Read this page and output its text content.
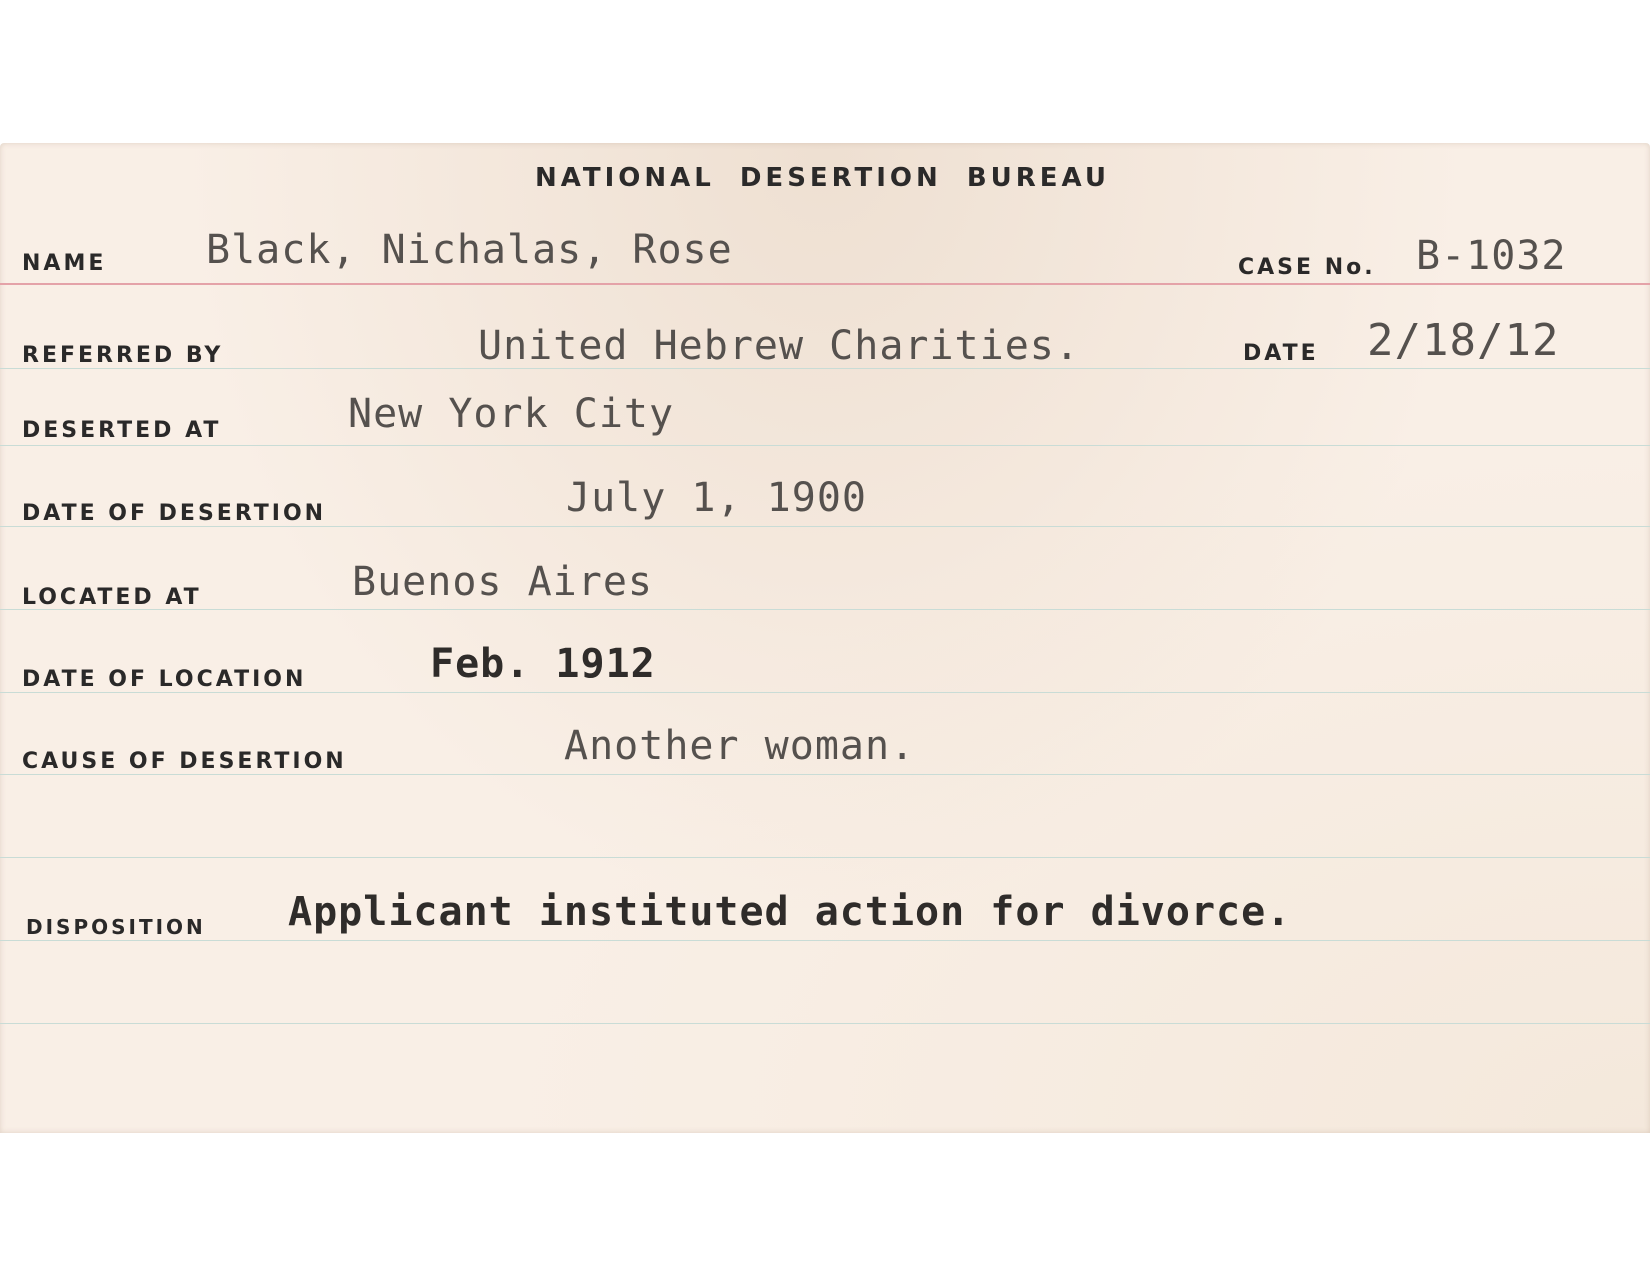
NATIONAL DESERTION BUREAU
NAME Black, Nichalas, Rose	CASE No. B-1032
REFERRED BY	United Hebrew Charities.	DATE 2/18/12
DESERTED AT	New York City
DATE OF DESERTION	July 1, 1900
LOCATED AT	Buenos Aires
DATE OF LOCATION	Feb. 1912
CAUSE OF DESERTION	Another woman.
DISPOSITION Applicant instituted action for divorce.
